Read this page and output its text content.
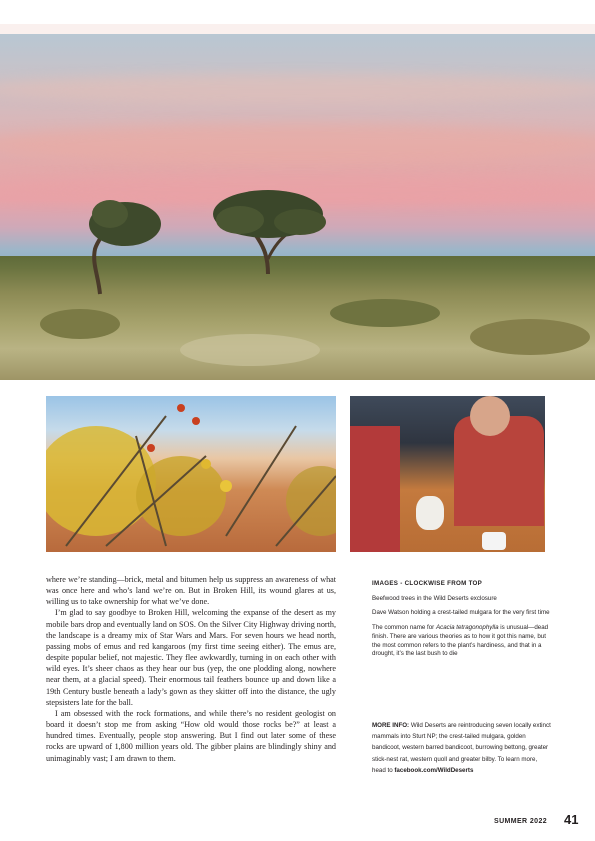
where we’re standing—brick, metal and bitumen help us suppress an awareness of what was once here and who’s land we’re on. But in Broken Hill, its wound glares at us, willing us to take ownership for what we’ve done.

I’m glad to say goodbye to Broken Hill, welcoming the expanse of the desert as my mobile bars drop and eventually land on SOS. On the Silver City Highway driving north, the landscape is a dreamy mix of Star Wars and Mars. For seven hours we head north, passing mobs of emus and red kangaroos (my first time seeing either). The emus are, despite popular belief, not majestic. They flee awkwardly, turning in on each other with wild eyes. It’s sheer chaos as they hear our bus (yep, the one plodding along, nowhere near them, at a glacial speed). Their enormous tail feathers bounce up and down like a 19th Century bustle beneath a lady’s gown as they skitter off into the distance, the ugly stepsisters late for the ball.

I am obsessed with the rock formations, and while there’s no resident geologist on board it doesn’t stop me from asking “How old would those rocks be?” at least a hundred times. Eventually, people stop answering. But I find out later some of these rocks are upward of 1,800 million years old. The gibber plains are blindingly shiny and unimaginably vast; I am drawn to them.

IMAGES - CLOCKWISE FROM TOP
Beefwood trees in the Wild Deserts exclosure
Dave Watson holding a crest-tailed mulgara for the very first time
The common name for Acacia tetragonophylla is unusual—dead finish. There are various theories as to how it got this name, but the most common refers to the plant’s hardiness, and that in a drought, it’s the last bush to die
MORE INFO: Wild Deserts are reintroducing seven locally extinct mammals into Sturt NP; the crest-tailed mulgara, golden bandicoot, western barred bandicoot, burrowing bettong, greater stick-nest rat, western quoll and greater bilby. To learn more, head to facebook.com/WildDeserts
SUMMER 2022 41
